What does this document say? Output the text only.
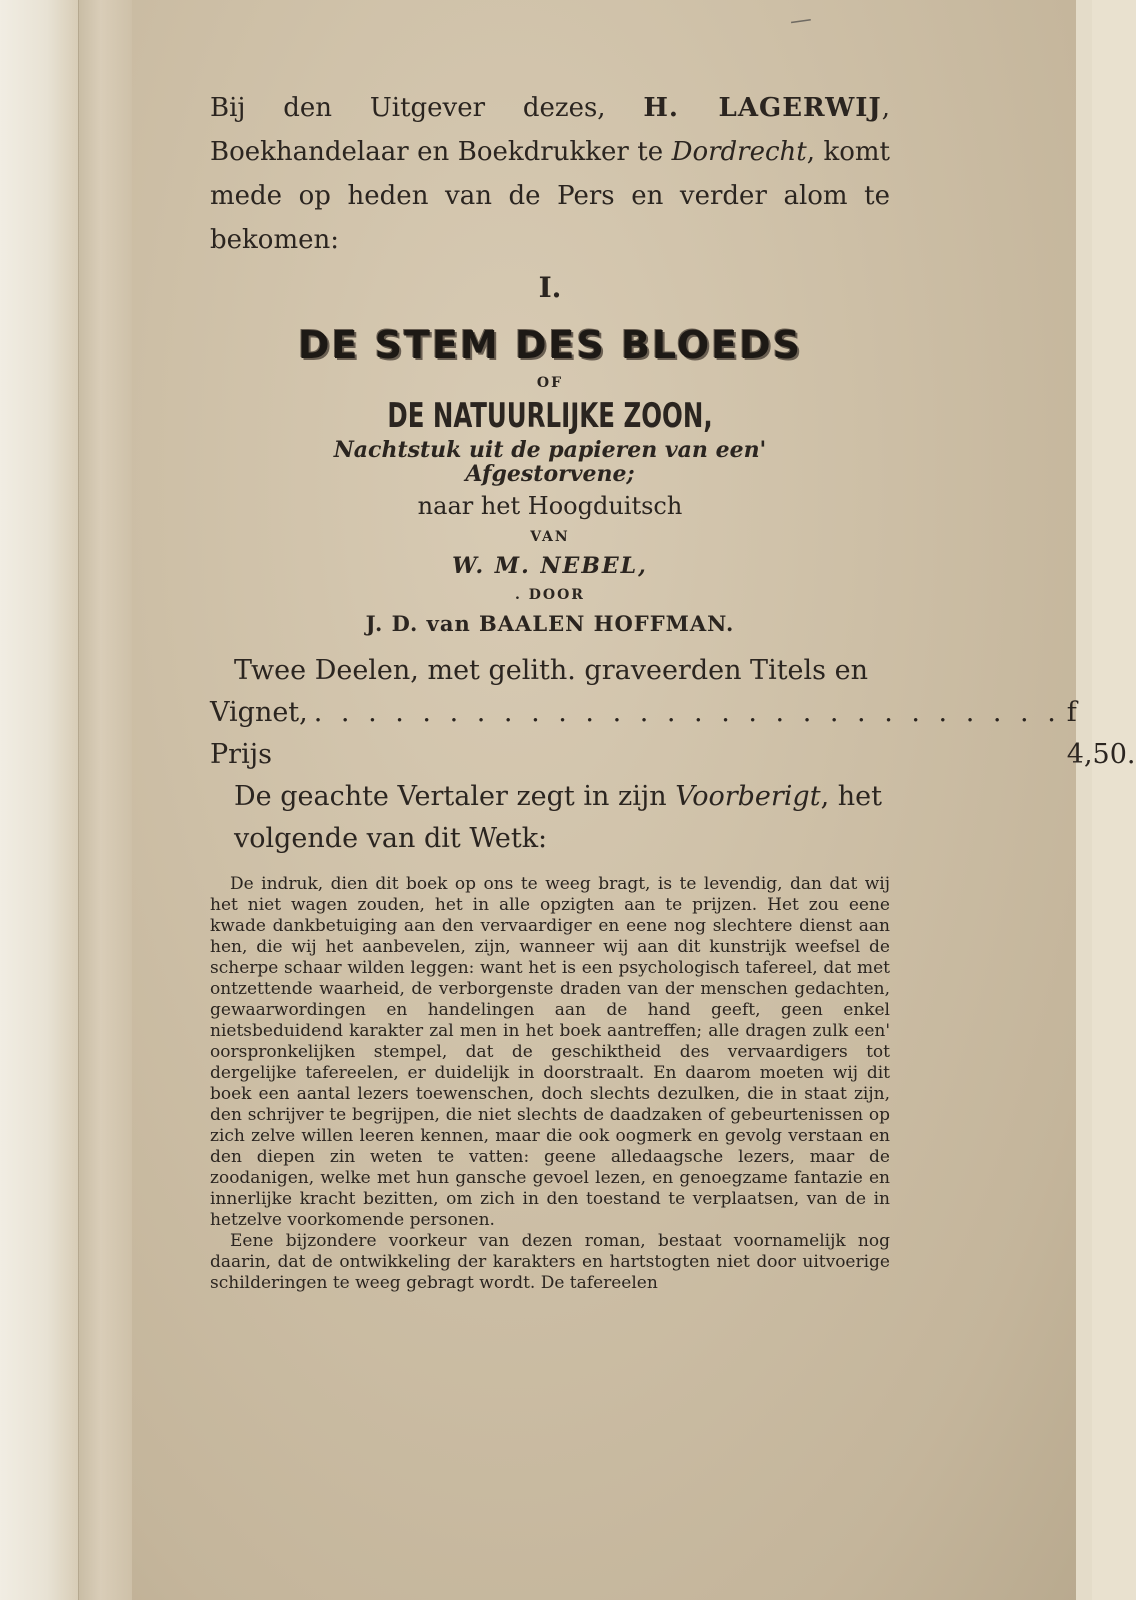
—

Bij den Uitgever dezes, H. LAGERWIJ, Boekhandelaar en Boekdrukker te Dordrecht, komt mede op heden van de Pers en verder alom te bekomen:

I.
DE STEM DES BLOEDS
OF
DE NATUURLIJKE ZOON,
Nachtstuk uit de papieren van een'
Afgestorvene;
naar het Hoogduitsch
VAN
W. M. NEBEL,
. DOOR
J. D. van BAALEN HOFFMAN.
Twee Deelen, met gelith. graveerden Titels en
Vignet, Prijs
. . . . . . . . . . . . . . . . . . . . . . . . . . . . f 4,50.
De geachte Vertaler zegt in zijn Voorberigt, het volgende van dit Wetk:

De indruk, dien dit boek op ons te weeg bragt, is te levendig, dan dat wij het niet wagen zouden, het in alle opzigten aan te prijzen. Het zou eene kwade dankbetuiging aan den vervaardiger en eene nog slechtere dienst aan hen, die wij het aanbevelen, zijn, wanneer wij aan dit kunstrijk weefsel de scherpe schaar wilden leggen: want het is een psychologisch tafereel, dat met ontzettende waarheid, de verborgenste draden van der menschen gedachten, gewaarwordingen en handelingen aan de hand geeft, geen enkel nietsbeduidend karakter zal men in het boek aantreffen; alle dragen zulk een' oorspronkelijken stempel, dat de geschiktheid des vervaardigers tot dergelijke tafereelen, er duidelijk in doorstraalt. En daarom moeten wij dit boek een aantal lezers toewenschen, doch slechts dezulken, die in staat zijn, den schrijver te begrijpen, die niet slechts de daadzaken of gebeurtenissen op zich zelve willen leeren kennen, maar die ook oogmerk en gevolg verstaan en den diepen zin weten te vatten: geene alledaagsche lezers, maar de zoodanigen, welke met hun gansche gevoel lezen, en genoegzame fantazie en innerlijke kracht bezitten, om zich in den toestand te verplaatsen, van de in hetzelve voorkomende personen.

Eene bijzondere voorkeur van dezen roman, bestaat voornamelijk nog daarin, dat de ontwikkeling der karakters en hartstogten niet door uitvoerige schilderingen te weeg gebragt wordt. De tafereelen
